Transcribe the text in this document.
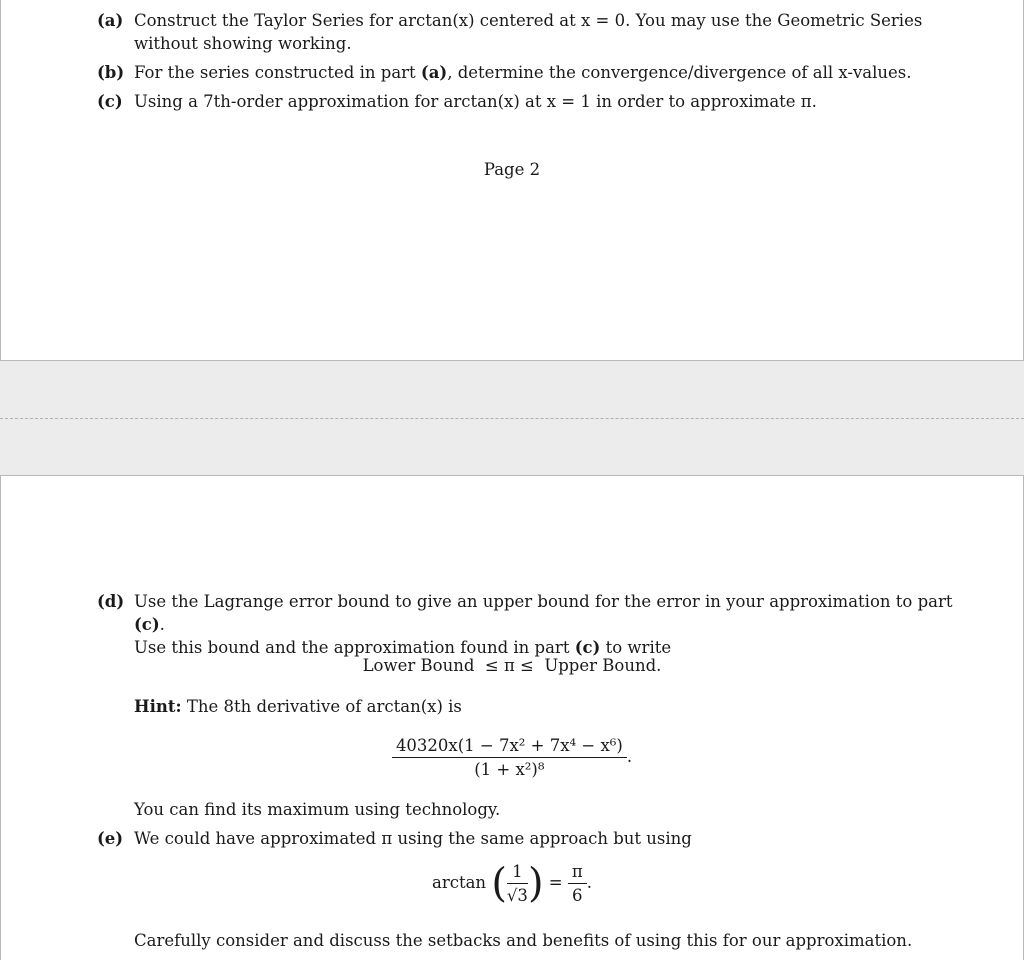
(a) Construct the Taylor Series for arctan(x) centered at x = 0. You may use the Geometric Series
without showing working.
(b) For the series constructed in part (a), determine the convergence/divergence of all x-values.
(c) Using a 7th-order approximation for arctan(x) at x = 1 in order to approximate π.
Page 2
(d) Use the Lagrange error bound to give an upper bound for the error in your approximation to part (c).
Use this bound and the approximation found in part (c) to write
Lower Bound  ≤ π ≤  Upper Bound.
Hint: The 8th derivative of arctan(x) is
$\frac{\text{40320x(1 − 7x² + 7x⁴ − x⁶)}}{\text{(1 + x²)⁸}}$ .
You can find its maximum using technology.
(e) We could have approximated π using the same approach but using
arctan ( $\frac{1}{√3}$ ) = $\frac{\pi}{6}$ .
Carefully consider and discuss the setbacks and benefits of using this for our approximation.
